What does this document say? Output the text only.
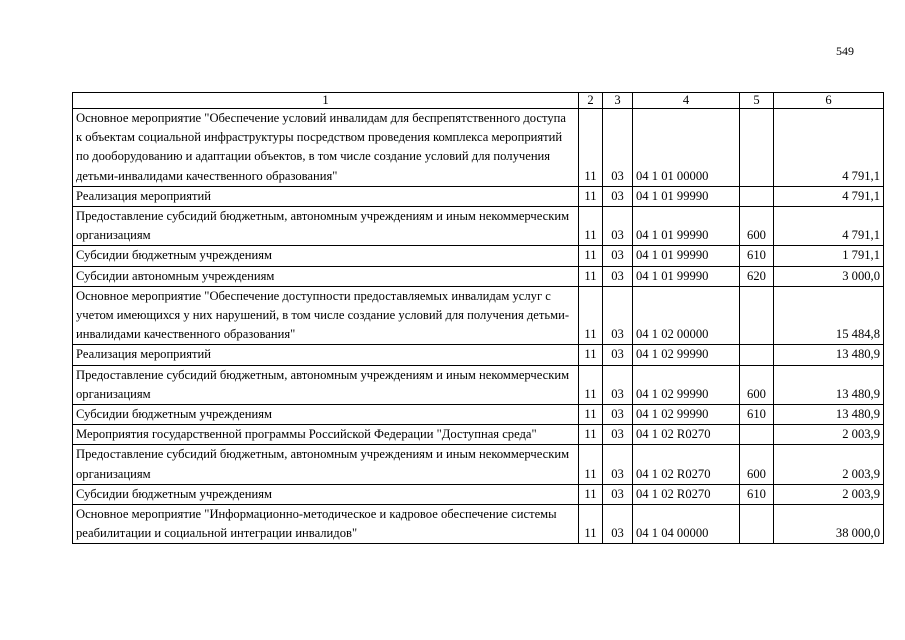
549
1	2	3	4	5	6
Основное мероприятие "Обеспечение условий инвалидам для беспрепятственного доступа к объектам социальной инфраструктуры посредством проведения комплекса мероприятий по дооборудованию и адаптации объектов, в том числе создание условий для получения детьми-инвалидами качественного образования"	11	03	04 1 01 00000		4 791,1
Реализация мероприятий	11	03	04 1 01 99990		4 791,1
Предоставление субсидий бюджетным, автономным учреждениям и иным некоммерческим организациям	11	03	04 1 01 99990	600	4 791,1
Субсидии бюджетным учреждениям	11	03	04 1 01 99990	610	1 791,1
Субсидии автономным учреждениям	11	03	04 1 01 99990	620	3 000,0
Основное мероприятие "Обеспечение доступности предоставляемых инвалидам услуг с учетом имеющихся у них нарушений, в том числе создание условий для получения детьми-инвалидами качественного образования"	11	03	04 1 02 00000		15 484,8
Реализация мероприятий	11	03	04 1 02 99990		13 480,9
Предоставление субсидий бюджетным, автономным учреждениям и иным некоммерческим организациям	11	03	04 1 02 99990	600	13 480,9
Субсидии бюджетным учреждениям	11	03	04 1 02 99990	610	13 480,9
Мероприятия государственной программы Российской Федерации "Доступная среда"	11	03	04 1 02 R0270		2 003,9
Предоставление субсидий бюджетным, автономным учреждениям и иным некоммерческим организациям	11	03	04 1 02 R0270	600	2 003,9
Субсидии бюджетным учреждениям	11	03	04 1 02 R0270	610	2 003,9
Основное мероприятие "Информационно-методическое и кадровое обеспечение системы реабилитации и социальной интеграции инвалидов"	11	03	04 1 04 00000		38 000,0
